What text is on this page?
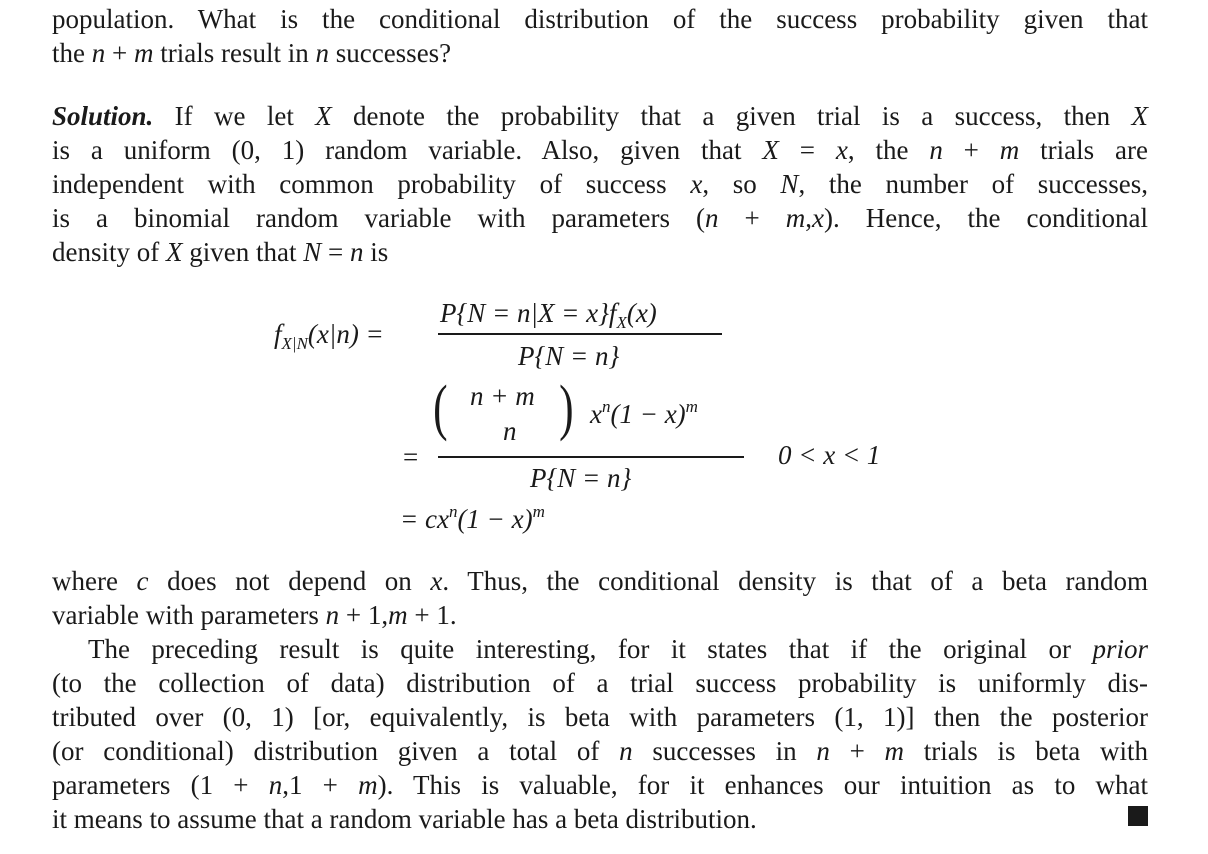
population. What is the conditional distribution of the success probability given that
the n + m trials result in n successes?
Solution. If we let X denote the probability that a given trial is a success, then X
is a uniform (0, 1) random variable. Also, given that X = x, the n + m trials are
independent with common probability of success x, so N, the number of successes,
is a binomial random variable with parameters (n + m,x). Hence, the conditional
density of X given that N = n is
$f_{X|N}(x|n)$ =
$P\{N = n|X = x\}f_X(x)$
P{N = n}
( n + m
n ) $x^n(1 - x)^m$
=
P{N = n}
0 < x < 1
= $cx^n(1 - x)^m$
where c does not depend on x. Thus, the conditional density is that of a beta random
variable with parameters n + 1,m + 1.
The preceding result is quite interesting, for it states that if the original or prior
(to the collection of data) distribution of a trial success probability is uniformly dis-
tributed over (0, 1) [or, equivalently, is beta with parameters (1, 1)] then the posterior
(or conditional) distribution given a total of n successes in n + m trials is beta with
parameters (1 + n,1 + m). This is valuable, for it enhances our intuition as to what
it means to assume that a random variable has a beta distribution.
